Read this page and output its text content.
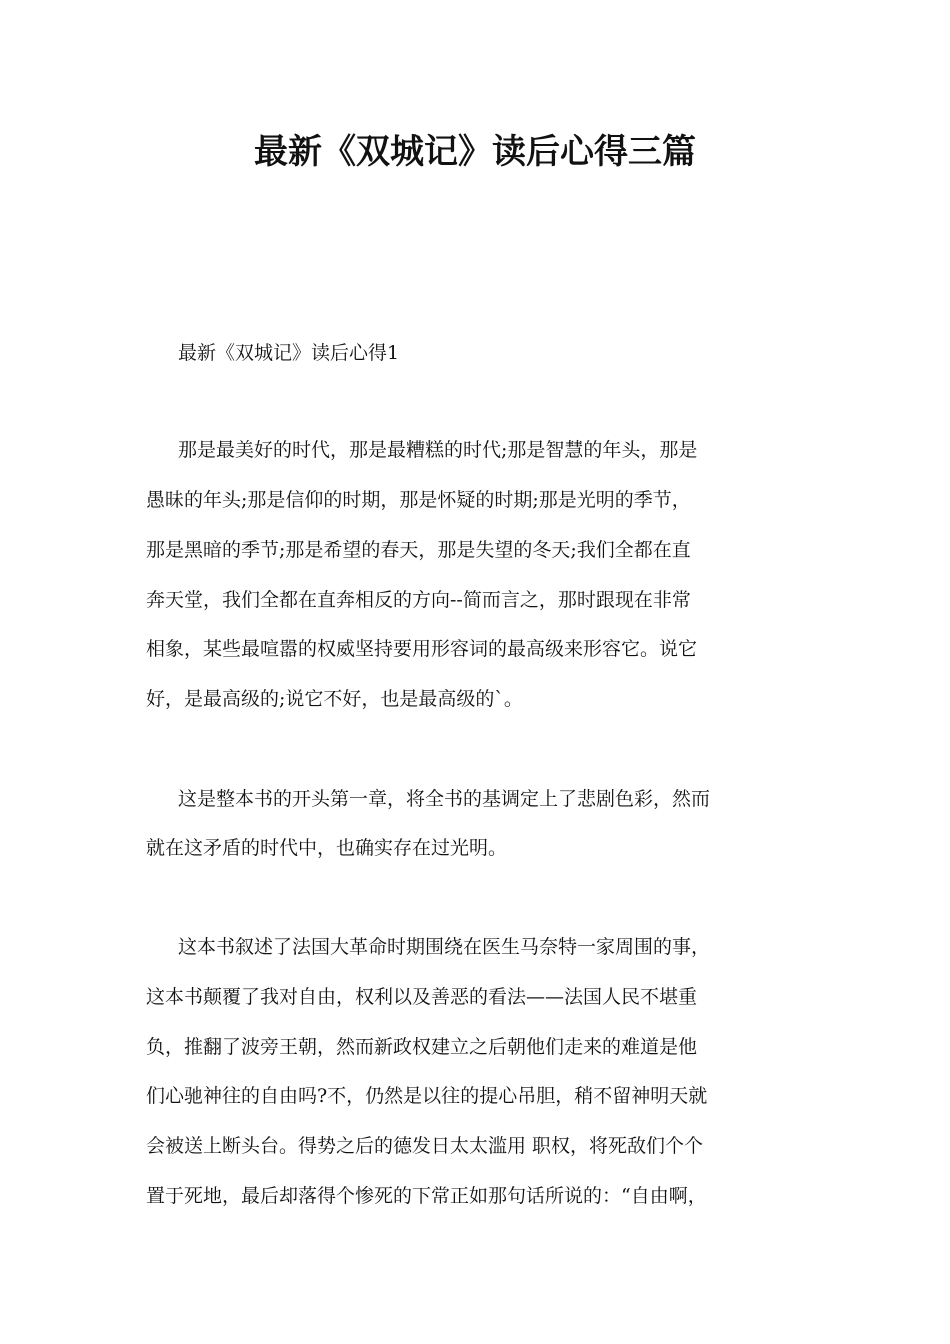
最新《双城记》读后心得三篇

最新《双城记》读后心得1

那是最美好的时代，那是最糟糕的时代;那是智慧的年头，那是

愚昧的年头;那是信仰的时期，那是怀疑的时期;那是光明的季节，

那是黑暗的季节;那是希望的春天，那是失望的冬天;我们全都在直

奔天堂，我们全都在直奔相反的方向--简而言之，那时跟现在非常

相象，某些最喧嚣的权威坚持要用形容词的最高级来形容它。说它

好，是最高级的;说它不好，也是最高级的`。

这是整本书的开头第一章，将全书的基调定上了悲剧色彩，然而

就在这矛盾的时代中，也确实存在过光明。

这本书叙述了法国大革命时期围绕在医生马奈特一家周围的事，

这本书颠覆了我对自由，权利以及善恶的看法——法国人民不堪重

负，推翻了波旁王朝，然而新政权建立之后朝他们走来的难道是他

们心驰神往的自由吗?不，仍然是以往的提心吊胆，稍不留神明天就

会被送上断头台。得势之后的德发日太太滥用 职权，将死敌们个个

置于死地，最后却落得个惨死的下常正如那句话所说的：“自由啊，
